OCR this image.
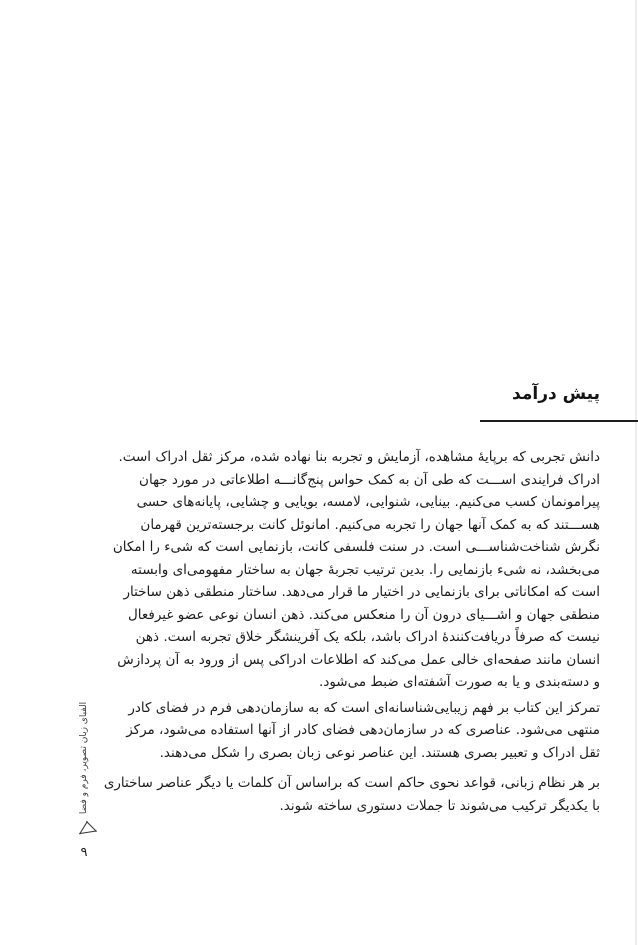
پیش درآمد
دانش تجربی که برپایۀ مشاهده، آزمایش و تجربه بنا نهاده شده، مرکز ثقل ادراک است.
ادراک فرایندی اســـت که طی آن به کمک حواس پنج‌گانـــه اطلاعاتی در مورد جهان
پیرامونمان کسب می‌کنیم. بینایی، شنوایی، لامسه، بویایی و چشایی، پایانه‌های حسی
هســـتند که به کمک آنها جهان را تجربه می‌کنیم. امانوئل کانت برجسته‌ترین قهرمان
نگرش شناخت‌شناســـی است. در سنت فلسفی کانت، بازنمایی است که شیء را امکان
می‌بخشد، نه شیء بازنمایی را. بدین ترتیب تجربۀ جهان به ساختار مفهومی‌ای وابسته
است که امکاناتی برای بازنمایی در اختیار ما قرار می‌دهد. ساختار منطقی ذهن ساختار
منطقی جهان و اشـــیای درون آن را منعکس می‌کند. ذهن انسان نوعی عضو غیرفعال
نیست که صرفاً دریافت‌کنندۀ ادراک باشد، بلکه یک آفرینشگر خلاق تجربه است. ذهن
انسان مانند صفحه‌ای خالی عمل می‌کند که اطلاعات ادراکی پس از ورود به آن پردازش
و دسته‌بندی و یا به صورت آشفته‌ای ضبط می‌شود.
تمرکز این کتاب بر فهم زیبایی‌شناسانه‌ای است که به سازمان‌دهی فرم در فضای کادر
منتهی می‌شود. عناصری که در سازمان‌دهی فضای کادر از آنها استفاده می‌شود، مرکز
ثقل ادراک و تعبیر بصری هستند. این عناصر نوعی زبان بصری را شکل می‌دهند.
بر هر نظام زبانی، قواعد نحوی حاکم است که براساس آن کلمات یا دیگر عناصر ساختاری
با یکدیگر ترکیب می‌شوند تا جملات دستوری ساخته شوند.
الفبای زبان تصویر، فرم و فضا
۹
